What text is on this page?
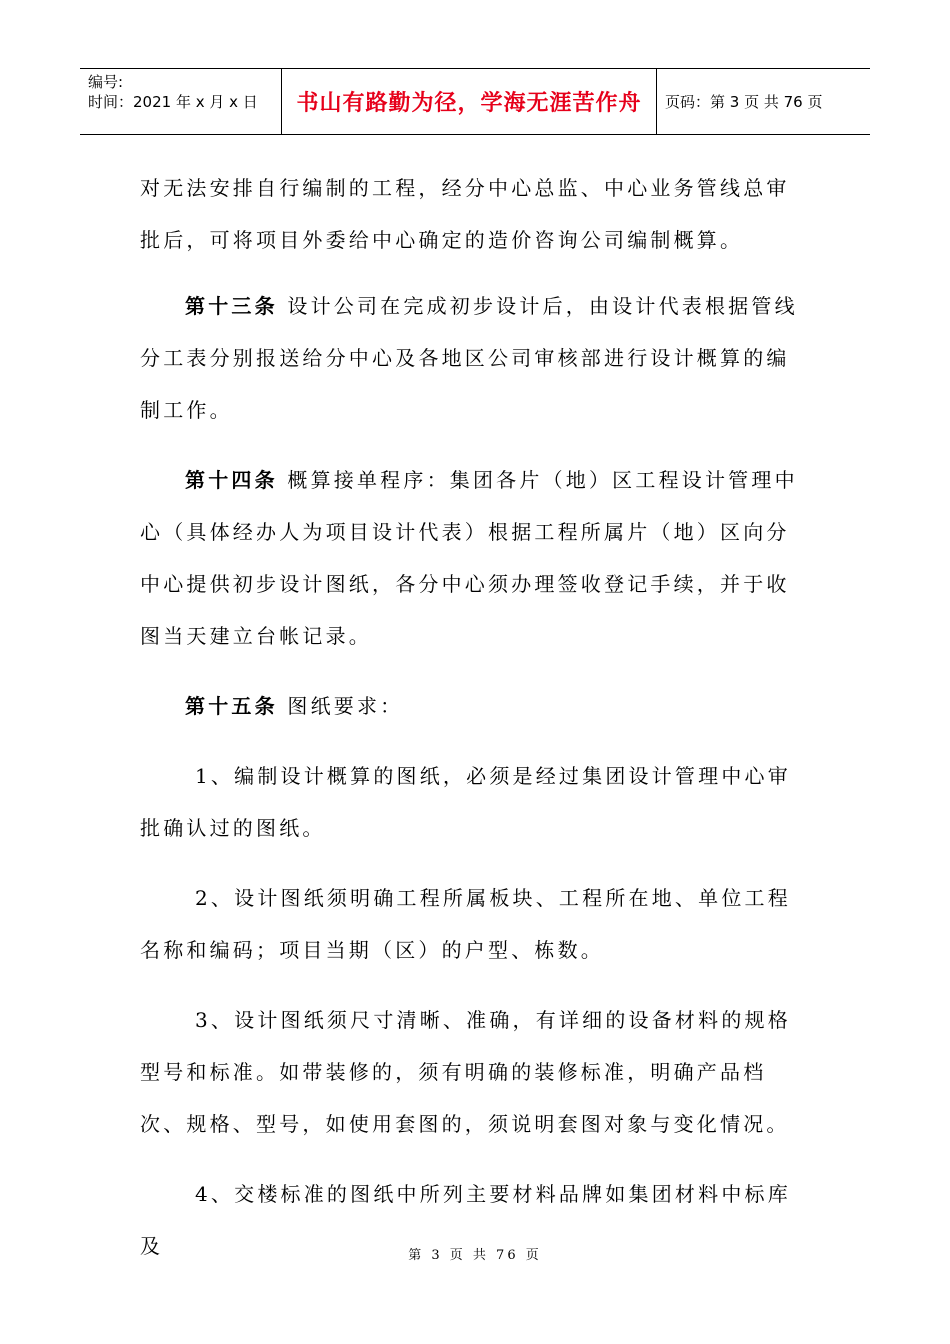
编号:
时间：2021 年 x 月 x 日	书山有路勤为径，学海无涯苦作舟	页码：第 3 页 共 76 页

对无法安排自行编制的工程，经分中心总监、中心业务管线总审批后，可将项目外委给中心确定的造价咨询公司编制概算。

第十三条 设计公司在完成初步设计后，由设计代表根据管线分工表分别报送给分中心及各地区公司审核部进行设计概算的编制工作。

第十四条 概算接单程序：集团各片（地）区工程设计管理中心（具体经办人为项目设计代表）根据工程所属片（地）区向分中心提供初步设计图纸，各分中心须办理签收登记手续，并于收图当天建立台帐记录。

第十五条 图纸要求：

1、编制设计概算的图纸，必须是经过集团设计管理中心审批确认过的图纸。

2、设计图纸须明确工程所属板块、工程所在地、单位工程名称和编码；项目当期（区）的户型、栋数。

3、设计图纸须尺寸清晰、准确，有详细的设备材料的规格型号和标准。如带装修的，须有明确的装修标准，明确产品档次、规格、型号，如使用套图的，须说明套图对象与变化情况。

4、交楼标准的图纸中所列主要材料品牌如集团材料中标库及	第 3 页 共 76 页
